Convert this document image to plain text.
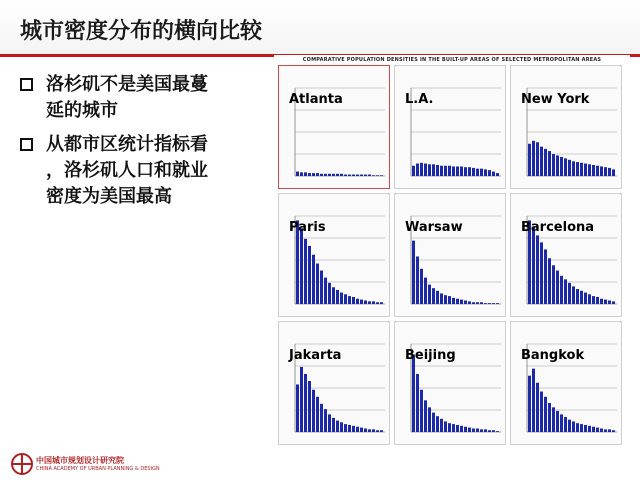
城市密度分布的横向比较
洛杉矶不是美国最蔓
延的城市
从都市区统计指标看
，洛杉矶人口和就业
密度为美国最高
COMPARATIVE POPULATION DENSITIES IN THE BUILT-UP AREAS OF SELECTED METROPOLITAN AREAS
Atlanta	L.A.	New York
Paris	Warsaw	Barcelona
Jakarta	Beijing	Bangkok
中国城市规划设计研究院
CHINA ACADEMY OF URBAN PLANNING & DESIGN
